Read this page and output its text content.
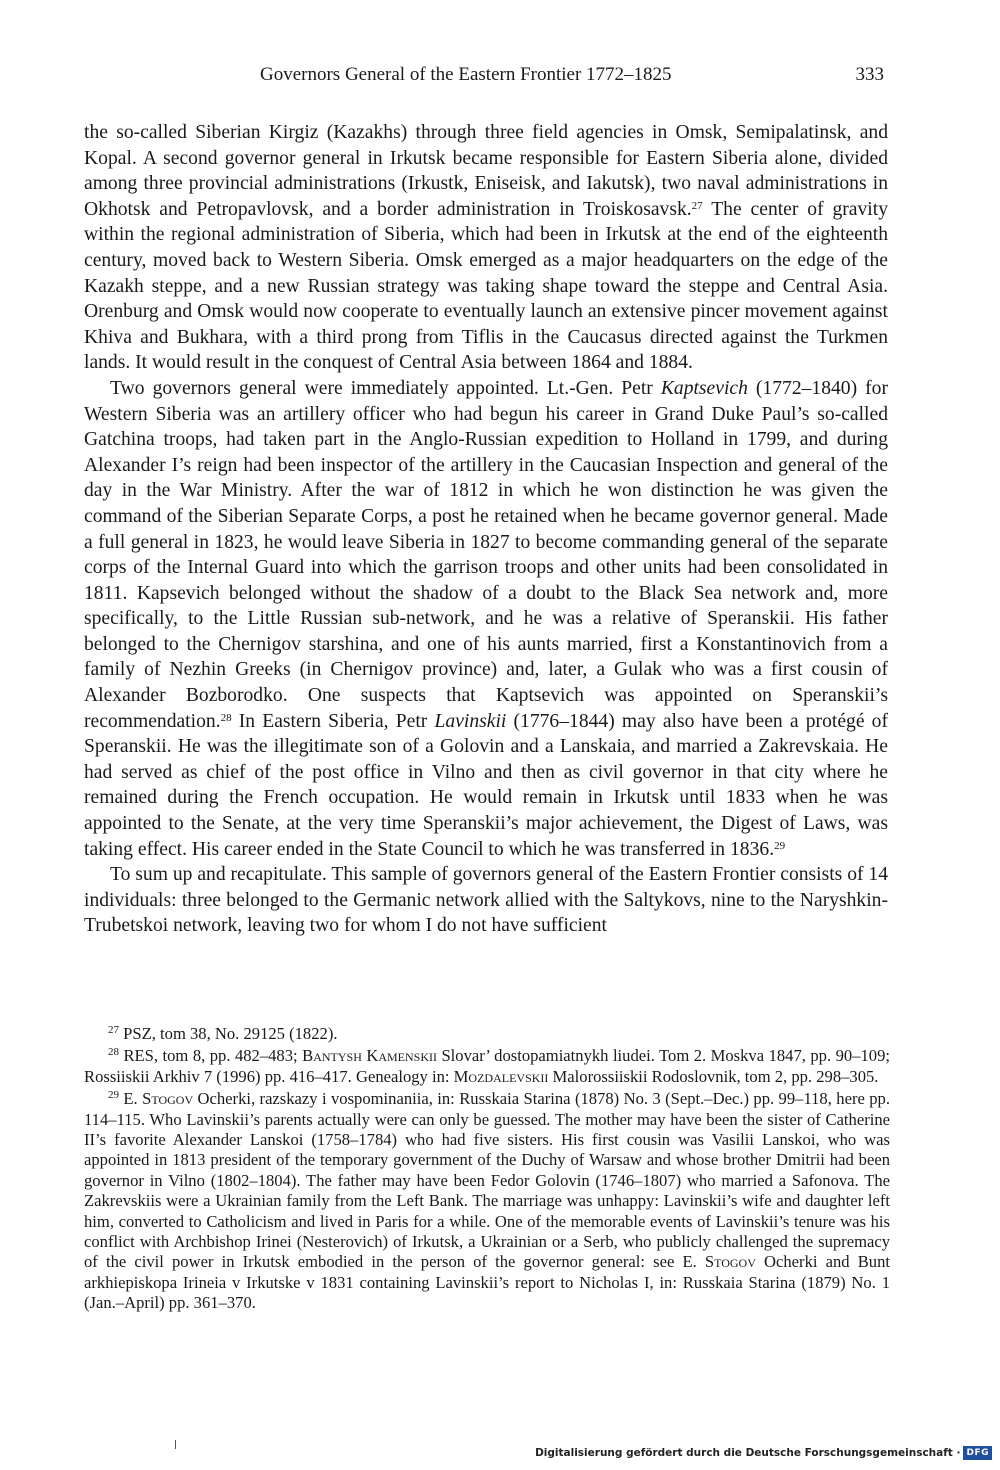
Governors General of the Eastern Frontier 1772–1825	333

the so-called Siberian Kirgiz (Kazakhs) through three field agencies in Omsk, Semipalatinsk, and Kopal. A second governor general in Irkutsk became responsible for Eastern Siberia alone, divided among three provincial administrations (Irkustk, Eniseisk, and Iakutsk), two naval administrations in Okhotsk and Petropavlovsk, and a border administration in Troiskosavsk.$^{27}$ The center of gravity within the regional administration of Siberia, which had been in Irkutsk at the end of the eighteenth century, moved back to Western Siberia. Omsk emerged as a major headquarters on the edge of the Kazakh steppe, and a new Russian strategy was taking shape toward the steppe and Central Asia. Orenburg and Omsk would now cooperate to eventually launch an extensive pincer movement against Khiva and Bukhara, with a third prong from Tiflis in the Caucasus directed against the Turkmen lands. It would result in the conquest of Central Asia between 1864 and 1884.

Two governors general were immediately appointed. Lt.-Gen. Petr Kaptsevich (1772–1840) for Western Siberia was an artillery officer who had begun his career in Grand Duke Paul’s so-called Gatchina troops, had taken part in the Anglo-Russian expedition to Holland in 1799, and during Alexander I’s reign had been inspector of the artillery in the Caucasian Inspection and general of the day in the War Ministry. After the war of 1812 in which he won distinction he was given the command of the Siberian Separate Corps, a post he retained when he became governor general. Made a full general in 1823, he would leave Siberia in 1827 to become commanding general of the separate corps of the Internal Guard into which the garrison troops and other units had been consolidated in 1811. Kapsevich belonged without the shadow of a doubt to the Black Sea network and, more specifically, to the Little Russian sub-network, and he was a relative of Speranskii. His father belonged to the Chernigov starshina, and one of his aunts married, first a Konstantinovich from a family of Nezhin Greeks (in Chernigov province) and, later, a Gulak who was a first cousin of Alexander Bozborodko. One suspects that Kaptsevich was appointed on Speranskii’s recommendation.$^{28}$ In Eastern Siberia, Petr Lavinskii (1776–1844) may also have been a protégé of Speranskii. He was the illegitimate son of a Golovin and a Lanskaia, and married a Zakrevskaia. He had served as chief of the post office in Vilno and then as civil governor in that city where he remained during the French occupation. He would remain in Irkutsk until 1833 when he was appointed to the Senate, at the very time Speranskii’s major achievement, the Digest of Laws, was taking effect. His career ended in the State Council to which he was transferred in 1836.29

To sum up and recapitulate. This sample of governors general of the Eastern Frontier consists of 14 individuals: three belonged to the Germanic network allied with the Saltykovs, nine to the Naryshkin-Trubetskoi network, leaving two for whom I do not have sufficient

$^{27}$ PSZ, tom 38, No. 29125 (1822).

$^{28}$ RES, tom 8, pp. 482–483; Bantysh Kamenskii Slovar’ dostopamiatnykh liudei. Tom 2. Moskva 1847, pp. 90–109; Rossiiskii Arkhiv 7 (1996) pp. 416–417. Genealogy in: Mozdalevskii Malorossiiskii Rodoslovnik, tom 2, pp. 298–305.

$^{29}$ E. Stogov Ocherki, razskazy i vospominaniia, in: Russkaia Starina (1878) No. 3 (Sept.–Dec.) pp. 99–118, here pp. 114–115. Who Lavinskii’s parents actually were can only be guessed. The mother may have been the sister of Catherine II’s favorite Alexander Lanskoi (1758–1784) who had five sisters. His first cousin was Vasilii Lanskoi, who was appointed in 1813 president of the temporary government of the Duchy of Warsaw and whose brother Dmitrii had been governor in Vilno (1802–1804). The father may have been Fedor Golovin (1746–1807) who married a Safonova. The Zakrevskiis were a Ukrainian family from the Left Bank. The marriage was unhappy: Lavinskii’s wife and daughter left him, converted to Catholicism and lived in Paris for a while. One of the memorable events of Lavinskii’s tenure was his conflict with Archbishop Irinei (Nesterovich) of Irkutsk, a Ukrainian or a Serb, who publicly challenged the supremacy of the civil power in Irkutsk embodied in the person of the governor general: see E. Stogov Ocherki and Bunt arkhiepiskopa Irineia v Irkutske v 1831 containing Lavinskii’s report to Nicholas I, in: Russkaia Starina (1879) No. 1 (Jan.–April) pp. 361–370.

Digitalisierung gefördert durch die Deutsche Forschungsgemeinschaft · DFG
